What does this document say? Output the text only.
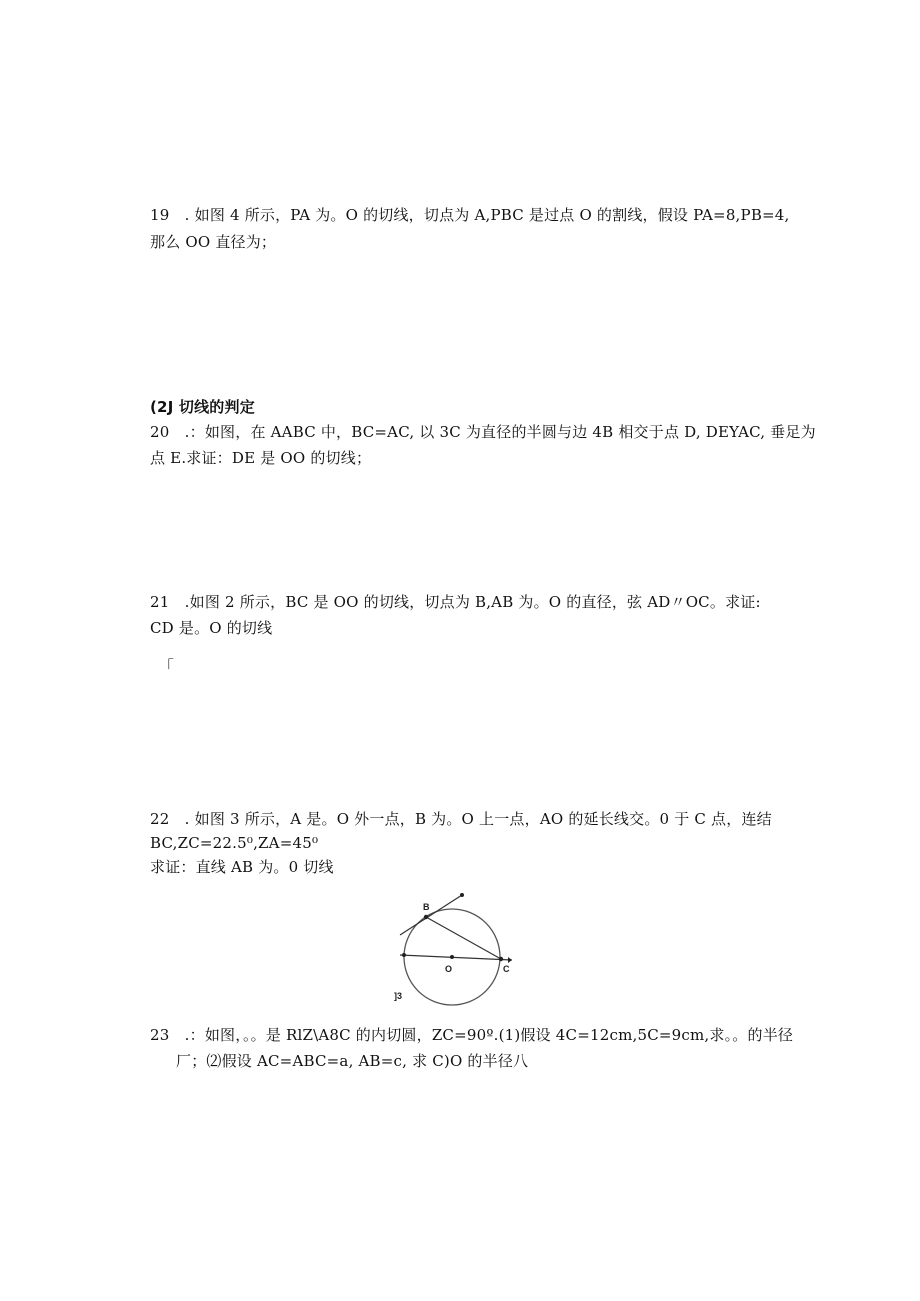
19　. 如图 4 所示，PA 为。O 的切线，切点为 A,PBC 是过点 O 的割线，假设 PA=8,PB=4,
那么 OO 直径为；
(2J 切线的判定
20　.：如图，在 AABC 中，BC=AC, 以 3C 为直径的半圆与边 4B 相交于点 D, DEYAC, 垂足为
点 E.求证：DE 是 OO 的切线；
21　.如图 2 所示，BC 是 OO 的切线，切点为 B,AB 为。O 的直径，弦 AD〃OC。求证:
CD 是。O 的切线
「
22　. 如图 3 所示，A 是。O 外一点，B 为。O 上一点，AO 的延长线交。0 于 C 点，连结
BC,ZC=22.5⁰,ZA=45⁰
求证：直线 AB 为。0 切线
B
O	C
]3
23　.：如图，。。是 RlZ\A8C 的内切圆，ZC=90º.(1)假设 4C=12cm,5C=9cm,求。。的半径
厂；⑵假设 AC=ABC=a, AB=c, 求 C)O 的半径八
